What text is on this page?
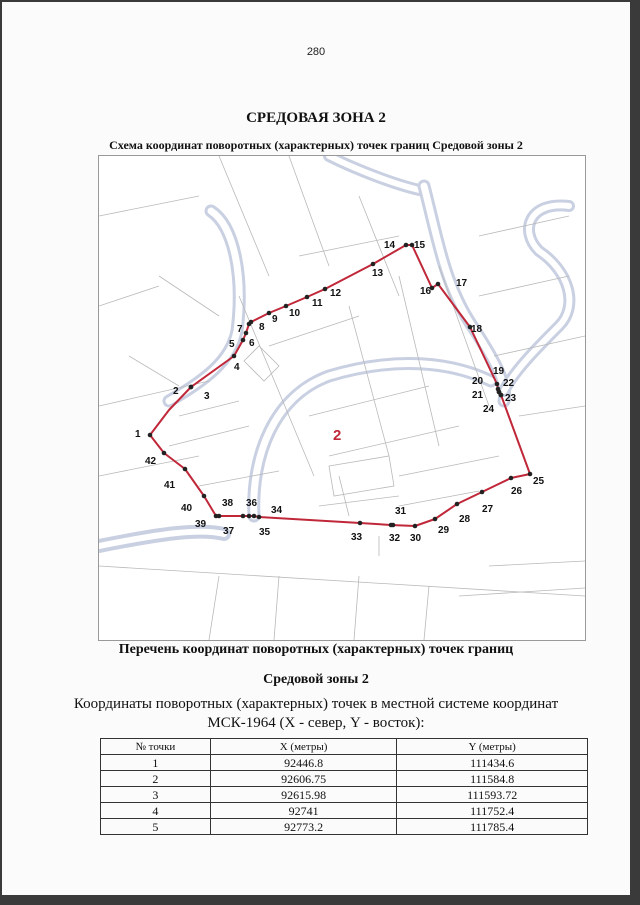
280
СРЕДОВАЯ ЗОНА 2
Схема координат поворотных (характерных) точек границ Средовой зоны 2
1
2	3
4
5 6
7 8
9
10
11
12
13
14 15
16
17
18
19
20
21
22
23
24
25
26
27
28
29
30
31
32
33
34
35
36
37
38
39
40
41
42
2
Перечень координат поворотных (характерных) точек границ
Средовой зоны 2
Координаты поворотных (характерных) точек в местной системе координат
МСК-1964 (X - север, Y - восток):
№ точки	X (метры)	Y (метры)
1	92446.8	111434.6
2	92606.75	111584.8
3	92615.98	111593.72
4	92741	111752.4
5	92773.2	111785.4
